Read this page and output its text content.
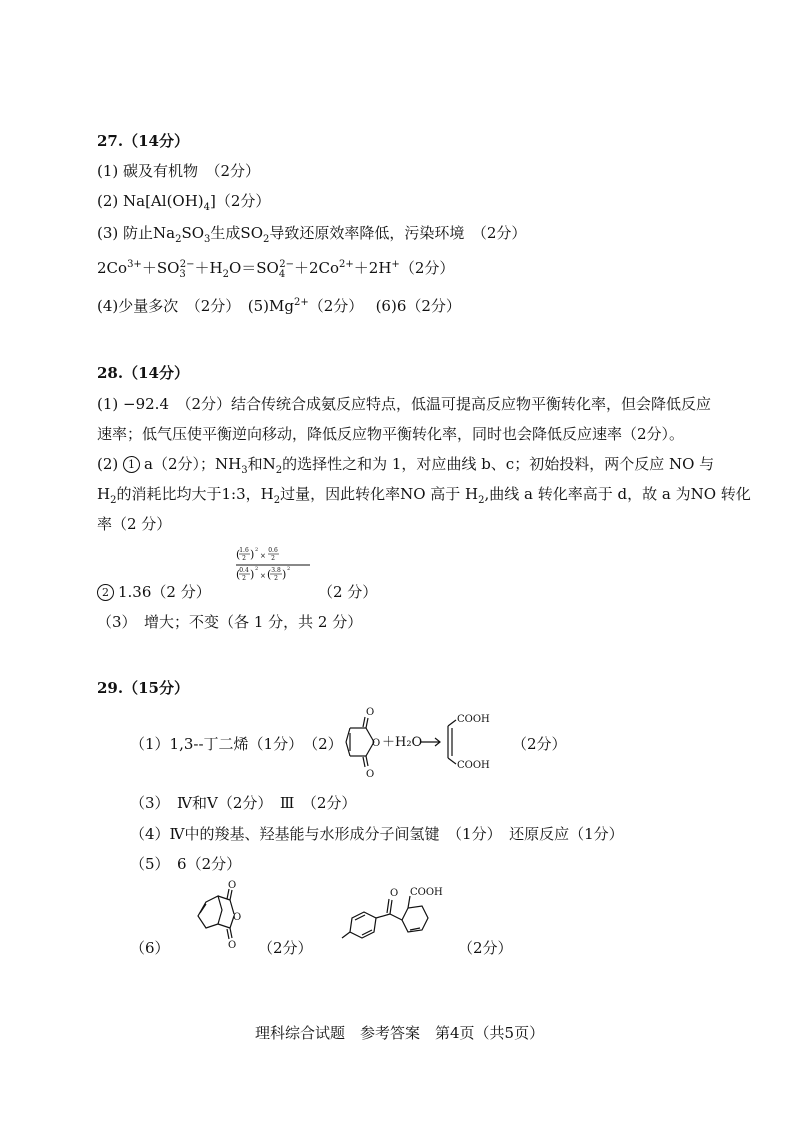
27.（14分）
(1) 碳及有机物　（2分）
(2) $Na[Al(OH)_4](2$分）
(3) 防止$Na_2SO_3$生成$SO_2$导致还原效率降低，污染环境　（2分）
$2Co^{3+}+SO_3^{2-}+H_2O=SO_4^{2-}+2Co^{2+}+2H^+(2$分）
(4)少量多次　（2分）　$(5)Mg^{2+}(2$分）　 (6)6（2分）
28.（14分）
(1) −92.4　（2分）结合传统合成氨反应特点，低温可提高反应物平衡转化率，但会降低反应
速率；低气压使平衡逆向移动，降低反应物平衡转化率，同时也会降低反应速率（2分）。
(2) 1 a（2分）；$NH_3$和$N_2$的选择性之和为 1，对应曲线 b、c；初始投料，两个反应 NO 与
$H_2$的消耗比均大于1:3，$H_2$过量，因此转化率NO 高于 $H_2$,曲线 a 转化率高于 d，故 a 为NO 转化
率（2 分）
2 1.36（2 分）
1.6
2
( ) 2
×
0.6
2
(
0.4
2 ) 2
× ( 3.8
2 ) 2
（2 分）
（3）　增大；不变（各 1 分，共 2 分）
29.（15分）
（1）1,3--丁二烯（1分）　（2）
O
O
O
＋H₂O
COOH
COOH
（2分）
（3）　Ⅳ和Ⅴ（2分）　Ⅲ　（2分）
（4）Ⅳ中的羧基、羟基能与水形成分子间氢键　（1分）　还原反应（1分）
（5）　6（2分）
（6）
O
O
O （2分）
O COOH
（2分）
理科综合试题　参考答案　第4页（共5页）
